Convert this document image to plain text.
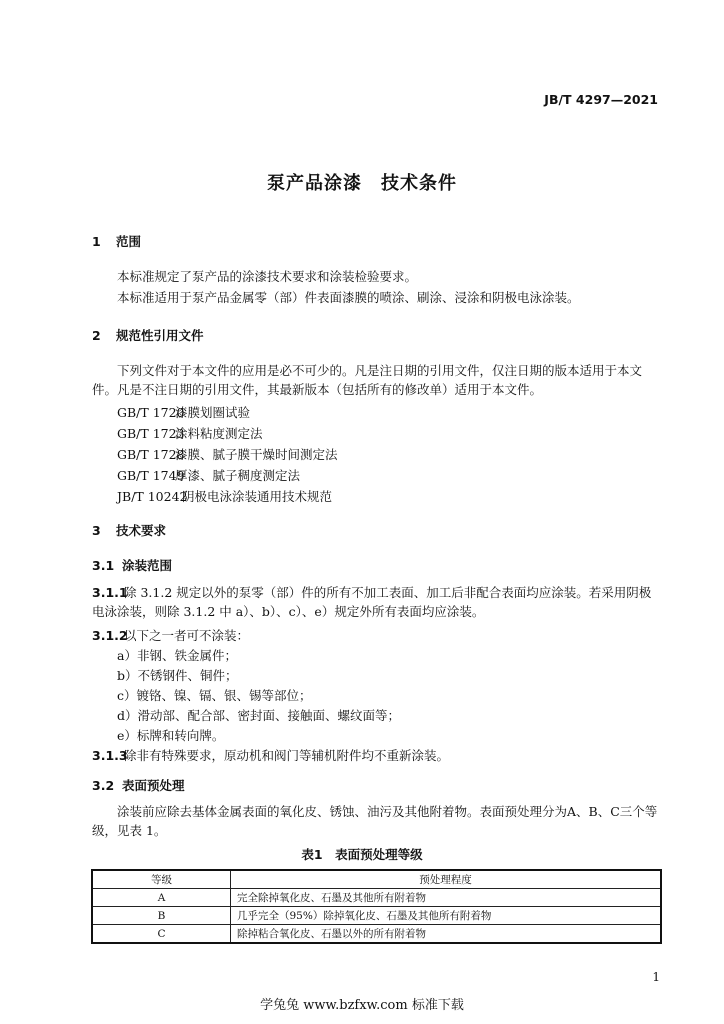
JB/T 4297—2021
泵产品涂漆　技术条件
1 范围
本标准规定了泵产品的涂漆技术要求和涂装检验要求。
本标准适用于泵产品金属零（部）件表面漆膜的喷涂、刷涂、浸涂和阴极电泳涂装。
2 规范性引用文件
下列文件对于本文件的应用是必不可少的。凡是注日期的引用文件，仅注日期的版本适用于本文件。凡是不注日期的引用文件，其最新版本（包括所有的修改单）适用于本文件。
GB/T 1720漆膜划圈试验
GB/T 1723涂料粘度测定法
GB/T 1728漆膜、腻子膜干燥时间测定法
GB/T 1749厚漆、腻子稠度测定法
JB/T 10242阴极电泳涂装通用技术规范
3 技术要求
3.1 涂装范围
3.1.1除 3.1.2 规定以外的泵零（部）件的所有不加工表面、加工后非配合表面均应涂装。若采用阴极电泳涂装，则除 3.1.2 中 a）、b）、c）、e）规定外所有表面均应涂装。
3.1.2以下之一者可不涂装：
a）非钢、铁金属件；
b）不锈钢件、铜件；
c）镀铬、镍、镉、银、锡等部位；
d）滑动部、配合部、密封面、接触面、螺纹面等；
e）标牌和转向牌。
3.1.3除非有特殊要求，原动机和阀门等辅机附件均不重新涂装。
3.2 表面预处理
涂装前应除去基体金属表面的氧化皮、锈蚀、油污及其他附着物。表面预处理分为A、B、C三个等级，见表 1。
表1　表面预处理等级
等级	预处理程度
A	完全除掉氧化皮、石墨及其他所有附着物
B	几乎完全（95%）除掉氧化皮、石墨及其他所有附着物
C	除掉粘合氧化皮、石墨以外的所有附着物
1
学兔兔 www.bzfxw.com 标准下载
